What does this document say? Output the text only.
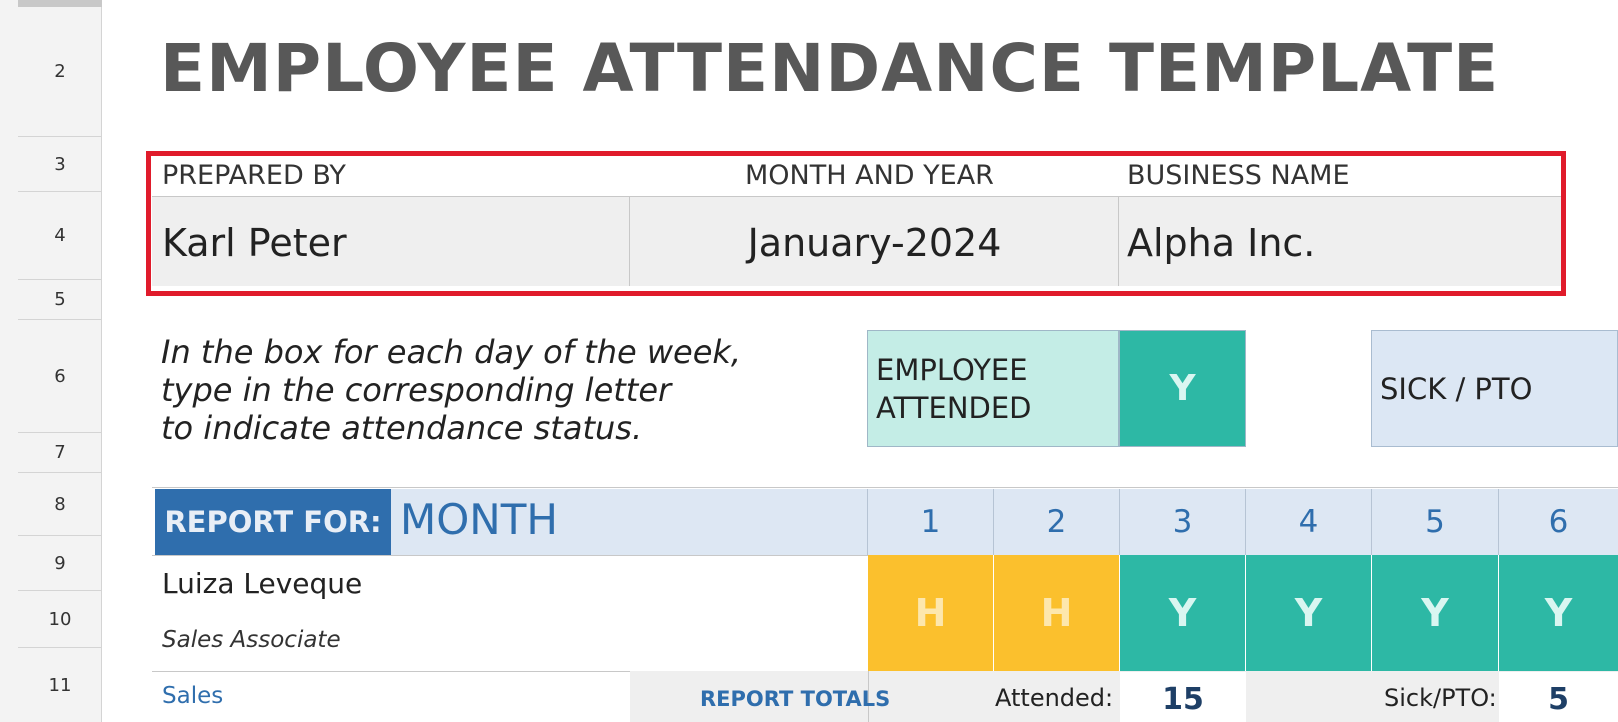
2
3
4
5
6
7
8
9
10
11
EMPLOYEE ATTENDANCE TEMPLATE
PREPARED BY	MONTH AND YEAR	BUSINESS NAME
Karl Peter	January-2024	Alpha Inc.
In the box for each day of the week,
type in the corresponding letter
to indicate attendance status.
EMPLOYEE
ATTENDED	Y	SICK / PTO
REPORT FOR: MONTH	1	2	3	4	5	6
Luiza Leveque
Sales Associate
H	H	Y	Y	Y	Y
Sales	REPORT TOTALS	Attended:	15	Sick/PTO:	5
